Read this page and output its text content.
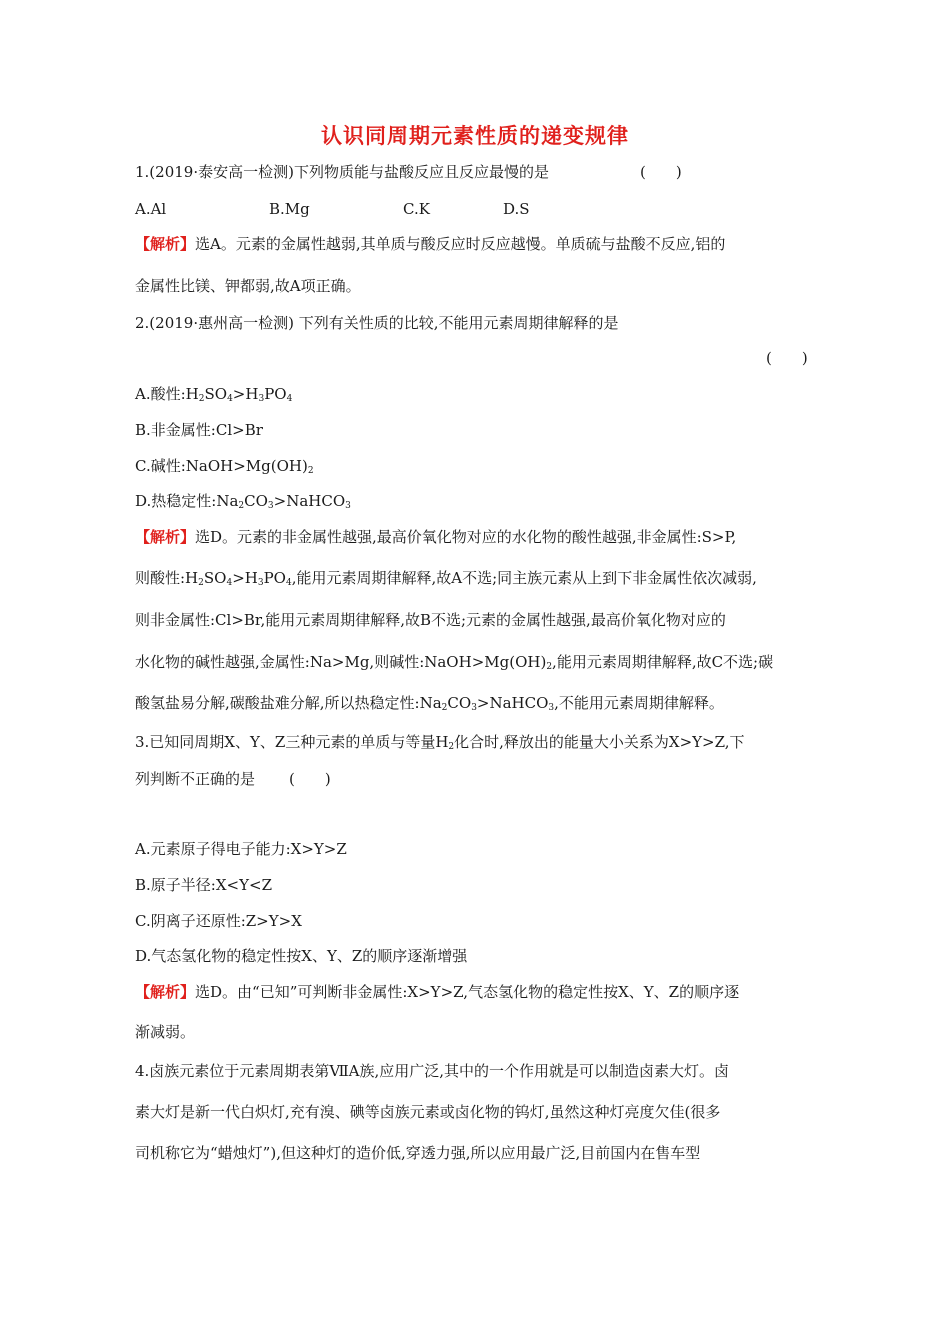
认识同周期元素性质的递变规律
1.(2019·泰安高一检测)下列物质能与盐酸反应且反应最慢的是	(　　)
A.Al	B.Mg	C.K	D.S
【解析】选A。元素的金属性越弱,其单质与酸反应时反应越慢。单质硫与盐酸不反应,铝的
金属性比镁、钾都弱,故A项正确。
2.(2019·惠州高一检测) 下列有关性质的比较,不能用元素周期律解释的是
(　　)
A.酸性$:H_2SO_4>H_3PO_4$
B.非金属性:Cl>Br
C.碱性$:NaOH>Mg(OH)_2$
D.热稳定性$:Na_2CO_3>NaHCO_3$
【解析】选D。元素的非金属性越强,最高价氧化物对应的水化物的酸性越强,非金属性:S>P,
则酸性$:H_2SO_4>H_3PO_4$,能用元素周期律解释,故A不选;同主族元素从上到下非金属性依次减弱,
则非金属性:Cl>Br,能用元素周期律解释,故B不选;元素的金属性越强,最高价氧化物对应的
水化物的碱性越强,金属性:Na>Mg,则碱性$:NaOH>Mg(OH)_2$,能用元素周期律解释,故C不选;碳
酸氢盐易分解,碳酸盐难分解,所以热稳定性$:Na_2CO_3>NaHCO_3$,不能用元素周期律解释。
3.已知同周期X、Y、Z三种元素的单质与等量$H_2$化合时,释放出的能量大小关系为X>Y>Z,下
列判断不正确的是 (　　)
A.元素原子得电子能力:X>Y>Z
B.原子半径:X<Y<Z
C.阴离子还原性:Z>Y>X
D.气态氢化物的稳定性按X、Y、Z的顺序逐渐增强
【解析】选D。由“已知”可判断非金属性:X>Y>Z,气态氢化物的稳定性按X、Y、Z的顺序逐
渐减弱。
4.卤族元素位于元素周期表第ⅦA族,应用广泛,其中的一个作用就是可以制造卤素大灯。卤
素大灯是新一代白炽灯,充有溴、碘等卤族元素或卤化物的钨灯,虽然这种灯亮度欠佳(很多
司机称它为“蜡烛灯”),但这种灯的造价低,穿透力强,所以应用最广泛,目前国内在售车型
